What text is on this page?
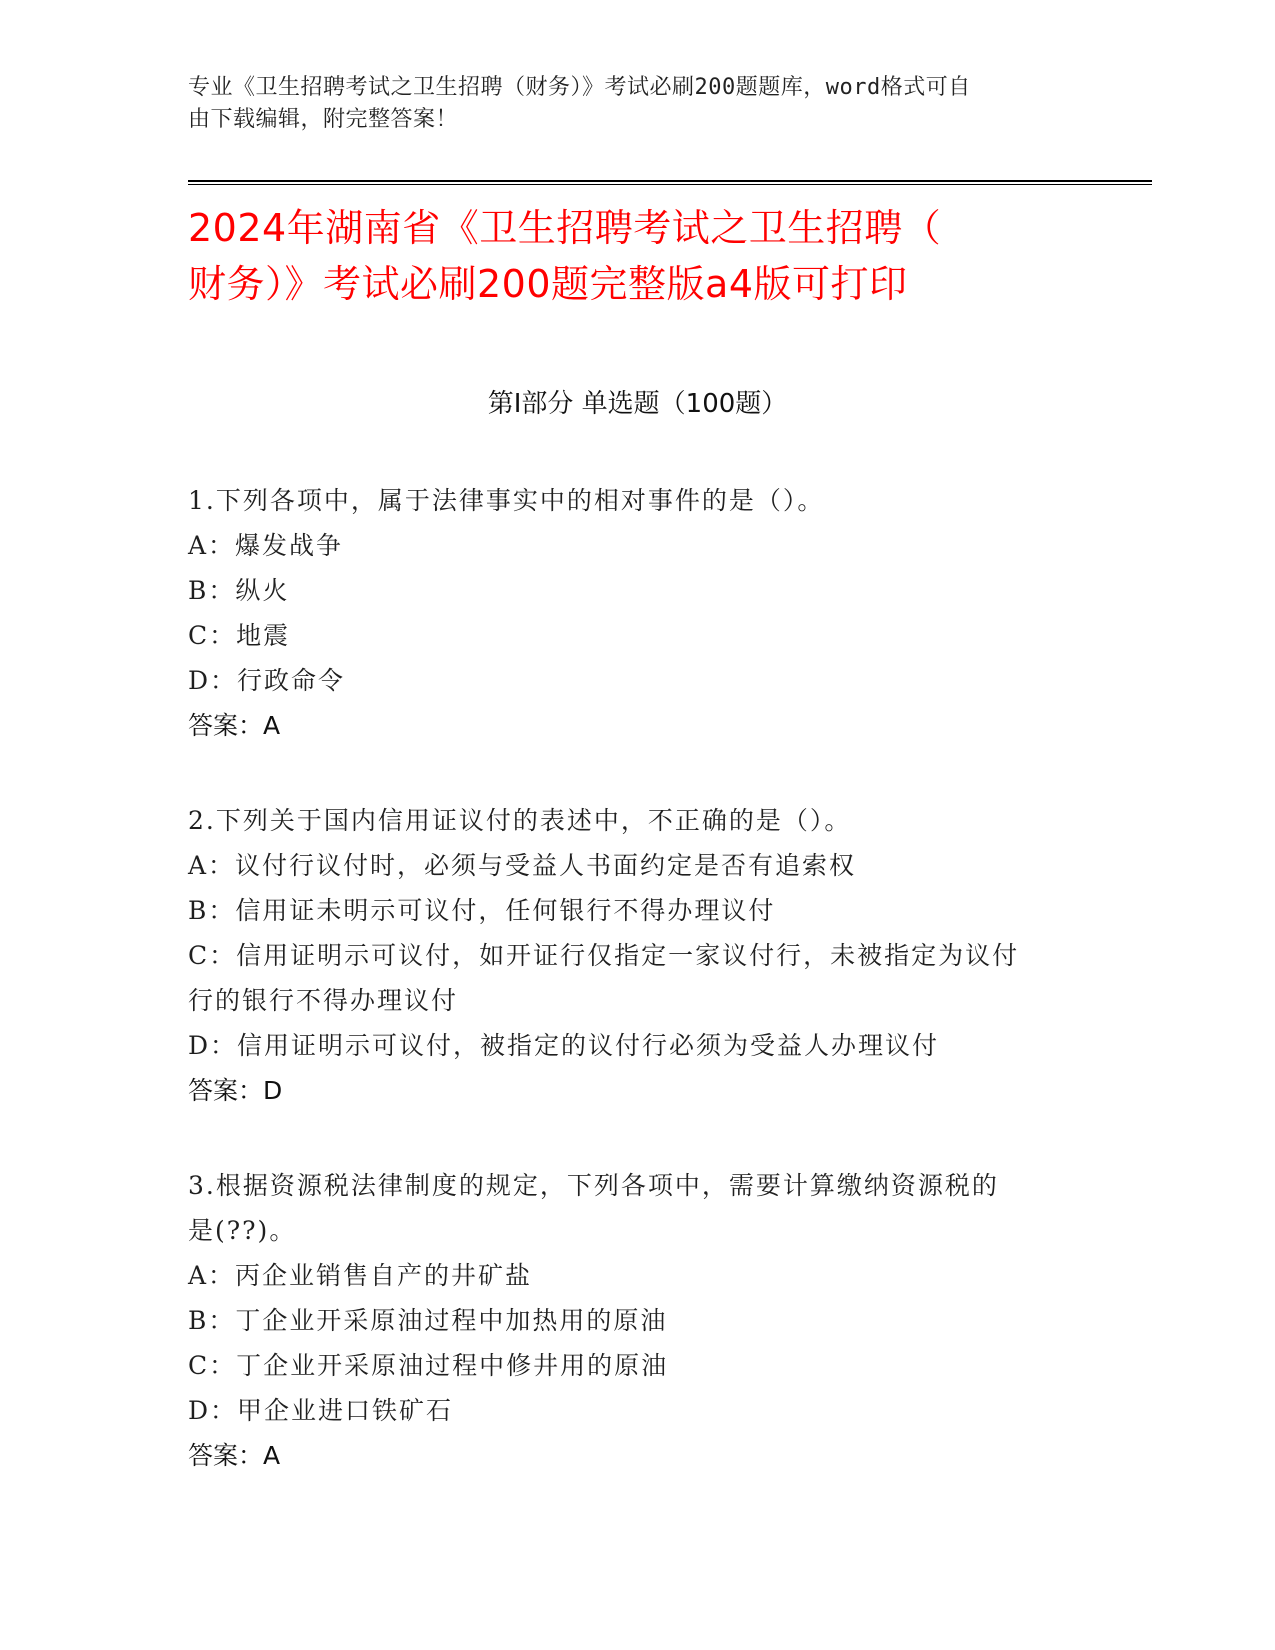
专业《卫生招聘考试之卫生招聘（财务）》考试必刷200题题库，word格式可自
由下载编辑，附完整答案！
2024年湖南省《卫生招聘考试之卫生招聘（
财务）》考试必刷200题完整版a4版可打印
第Ⅰ部分 单选题（100题）

1.下列各项中，属于法律事实中的相对事件的是（）。

A：爆发战争

B：纵火

C：地震

D：行政命令

答案：A

2.下列关于国内信用证议付的表述中，不正确的是（）。

A：议付行议付时，必须与受益人书面约定是否有追索权

B：信用证未明示可议付，任何银行不得办理议付

C：信用证明示可议付，如开证行仅指定一家议付行，未被指定为议付

行的银行不得办理议付

D：信用证明示可议付，被指定的议付行必须为受益人办理议付

答案：D

3.根据资源税法律制度的规定，下列各项中，需要计算缴纳资源税的

是(??)。

A：丙企业销售自产的井矿盐

B：丁企业开采原油过程中加热用的原油

C：丁企业开采原油过程中修井用的原油

D：甲企业进口铁矿石

答案：A
